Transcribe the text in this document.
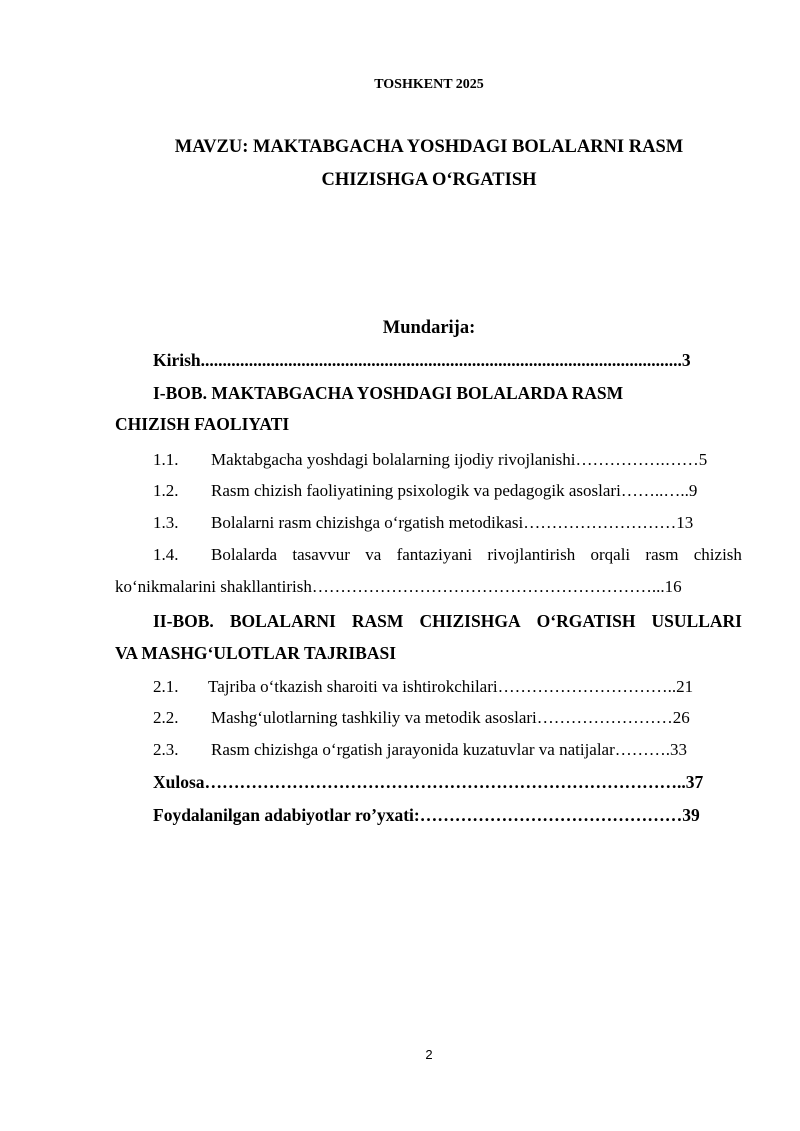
TOSHKENT 2025
MAVZU: MAKTABGACHA YOSHDAGI BOLALARNI RASM
CHIZISHGA O‘RGATISH
Mundarija:
Kirish..............................................................................................................3
I-BOB. MAKTABGACHA YOSHDAGI BOLALARDA RASM
CHIZISH FAOLIYATI
1.1. Maktabgacha yoshdagi bolalarning ijodiy rivojlanishi…………….……5
1.2. Rasm chizish faoliyatining psixologik va pedagogik asoslari……..…..9
1.3. Bolalarni rasm chizishga o‘rgatish metodikasi………………………13
1.4.	Bolalarda tasavvur va fantaziyani rivojlantirish orqali rasm chizish
ko‘nikmalarini shakllantirish……………………………………………………...16
II-BOB. BOLALARNI RASM CHIZISHGA O‘RGATISH USULLARI
VA MASHG‘ULOTLAR TAJRIBASI
2.1. Tajriba o‘tkazish sharoiti va ishtirokchilari…………………………..21
2.2. Mashg‘ulotlarning tashkiliy va metodik asoslari……………………26
2.3. Rasm chizishga o‘rgatish jarayonida kuzatuvlar va natijalar……….33
Xulosa………………………………………………………………………..37
Foydalanilgan adabiyotlar ro’yxati:………………………………………39
2
